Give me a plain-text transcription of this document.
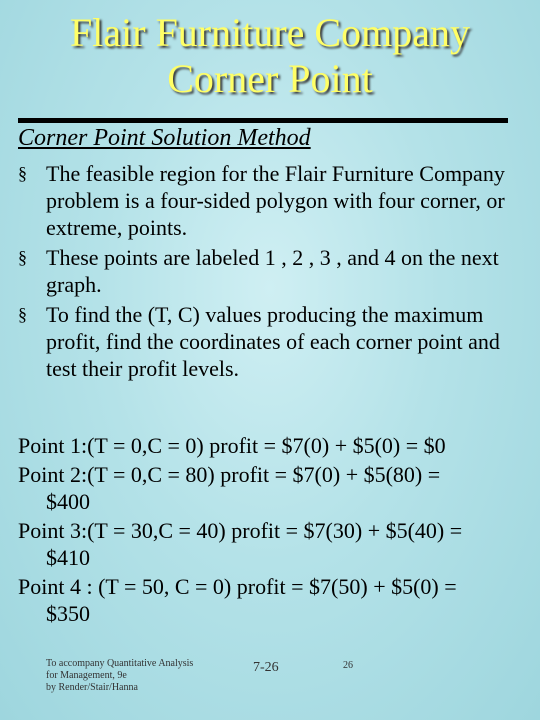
Flair Furniture Company
Corner Point
Corner Point Solution Method
§ The feasible region for the Flair Furniture Company problem is a four-sided polygon with four corner, or extreme, points.
§ These points are labeled 1 , 2 , 3 , and 4 on the next graph.
§ To find the (T, C) values producing the maximum profit, find the coordinates of each corner point and test their profit levels.
Point 1:(T = 0,C = 0) profit = $7(0) + $5(0) = $0
Point 2:(T = 0,C = 80) profit = $7(0) + $5(80) =
$400
Point 3:(T = 30,C = 40) profit = $7(30) + $5(40) =
$410
Point 4 : (T = 50, C = 0) profit = $7(50) + $5(0) =
$350
To accompany Quantitative Analysis
for Management, 9e
by Render/Stair/Hanna
7-26	26
